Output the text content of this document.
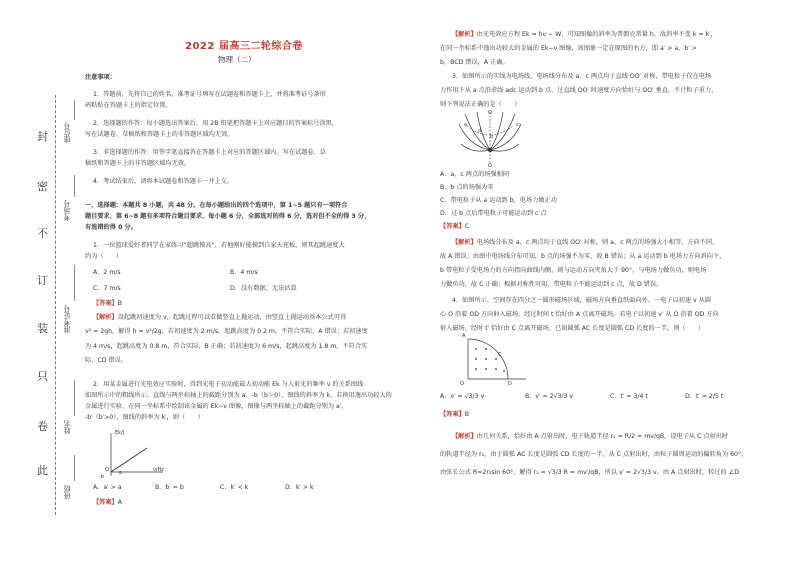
封
密
不
订
装
只
卷
此
座位号
考场号
准考证号
姓名
班级
2022 届高三二轮综合卷
物理（二）
注意事项：
1．答题前，先将自己的姓名、准考证号填写在试题卷和答题卡上，并将准考证号条形
码粘贴在答题卡上的指定位置。
2．选择题的作答：每小题选出答案后，用 2B 铅笔把答题卡上对应题目的答案标号涂黑，
写在试题卷、草稿纸和答题卡上的非答题区域均无效。
3．非选择题的作答：用签字笔直接答在答题卡上对应的答题区域内。写在试题卷、草
稿纸和答题卡上的非答题区域均无效。
4．考试结束后，请将本试题卷和答题卡一并上交。
一、选择题：本题共 8 小题，共 48 分。在每小题给出的四个选项中，第 1~5 题只有一项符合
题目要求，第 6~8 题有多项符合题目要求，每小题 6 分，全部选对的得 6 分，选对但不全的得 3 分，
有选错的得 0 分。
1．一位篮球爱好者同学在家练习“超跳摸高”，若他刚好能摸到自家天花板，则其起跳速度大
约为（　　）
A．2 m/s	B．4 m/s
C．7 m/s	D．没有数据，无法估算
【答案】B
【解析】设起跳初速度为 v，起跳过程可以看做竖直上抛运动，由竖直上抛运动基本公式可得
v² = 2gh，解得 h = v²/2g，若初速度为 2 m/s，起跳高度为 0.2 m，不符合实际，A 错误；若初速度
为 4 m/s，起跳高度为 0.8 m，符合实际，B 正确；若初速度为 6 m/s，起跳高度为 1.8 m，不符合实
际，CD 错误。
2．用某金属进行光电效应实验时，得到光电子初动能最大初动能 Ek 与入射光的频率 ν 的关系图线
如图所示中的粗线所示。直线与两坐标轴上的截距分别为 a、-b（b＞0），图线的斜率为 k，若换用逸出功较大的
金属进行实验，在同一坐标系中绘制该金属的 Ek−ν 图像，图像与两坐标轴上的截距分别为 a′，
-b′（b′>0），图线的斜率为 k′，则（　　）
Ek/J
ν/Hz
O a
-b
A．a′ > a	B．b′ = b	C．k′ < k	D．k′ > k
【答案】A
【解析】由光电效应方程 Ek = hν − W，可知图像的斜率为普朗克常量 h，故斜率不变 k = k′，
在同一坐标系中逸出功较大的金属的 Ek−ν 图像，该图象一定在原图的右方，即 a′ > a，b′ >
b，BCD 错误，A 正确。
3．如图所示的实线为电场线，电场线分布及 a、c 两点均于直线 OO′ 对称，带电粒子仅在电场
力作用下从 a 点沿虚线 adc 运动到 b 点，过直线 OO′ 时速度方向恰好与 OO′ 垂直，不计粒子重力，
则下列说法正确的是（　　）
O′
O
a
b
c
d
A．a、c 两点的场强相同
B．b 点的场强为零
C．带电粒子从 a 运动到 b，电场力做正功
D．过 b 点后带电粒子可能运动到 c 点
【答案】C
【解析】电场线分布及 a、c 两点均于直线 OO′ 对称，则 a、c 两点的场强大小相等，方向不同，
故 A 错误；由图中电场线分布可知，b 点的场强不为零，故 B 错误；从 a 运动到 b 电场力方向斜向下，
b 带电粒子受电场力的方向指向曲线内侧，则与运动方向夹角大于 90°，与电场力做负功，则电场
力做负功，故 C 正确；根据对称性可知，带电粒子不能运动到 c 点，故 D 错误。
4．如图所示，空间存在四分之一圆形磁场区域，磁场方向垂直纸面向外。一电子以初速 v 从圆
心 O 沿着 OD 方向射入磁场，经过时间 t 恰好由 A 点离开磁场。若电子以初速 v′ 从 O 沿着 OD 方向
射入磁场，经时 t′ 恰好由 C 点离开磁场，已知圆弧 AC 长度是圆弧 CD 长度的一半，则（　　）
A
C
D
O
A．v′ = √3/3 v	B．v′ = 2√3/3 v	C．t′ = 3/4 t	D．t′ = 2/5 t
【答案】B
【解析】由几何关系，恰好由 A 点射出时，电子轨道半径 r₁ = R/2 = mv/qB，设电子从 C 点射出时
的轨道半径为 r₂，由于圆弧 AC 长度是圆弧 CD 长度的一半，从 C 点射出时，由粒子圆周运动的偏转角为 60°，
由弦长公式 R=2r₂sin 60°，解得 r₂ = √3/3 R = mv′/qB，所以 v′ = 2√3/3 v，由 A 点射出时，转过的 ∠D
